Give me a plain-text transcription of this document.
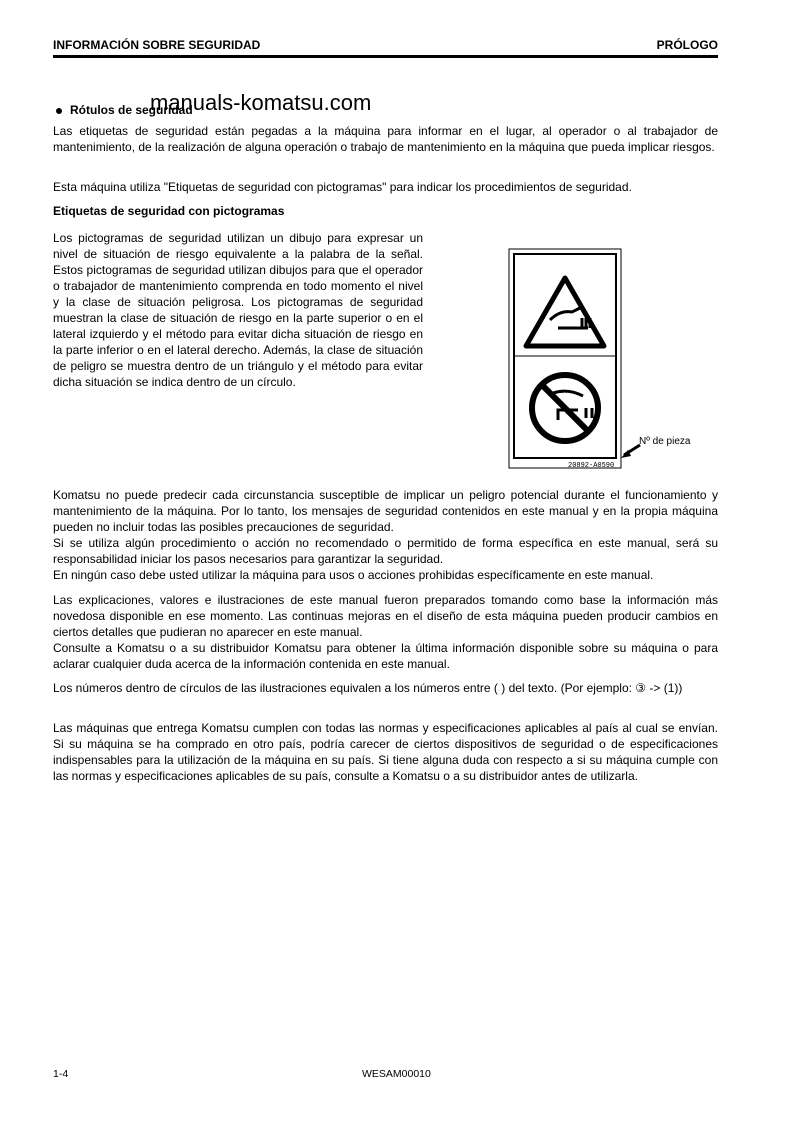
INFORMACIÓN SOBRE SEGURIDAD	PRÓLOGO
Rótulos de seguridad
manuals-komatsu.com

Las etiquetas de seguridad están pegadas a la máquina para informar en el lugar, al operador o al trabajador de mantenimiento, de la realización de alguna operación o trabajo de mantenimiento en la máquina que pueda implicar riesgos.

Esta máquina utiliza "Etiquetas de seguridad con pictogramas" para indicar los procedimientos de seguridad.

Etiquetas de seguridad con pictogramas

Los pictogramas de seguridad utilizan un dibujo para expresar un nivel de situación de riesgo equivalente a la palabra de la señal. Estos pictogramas de seguridad utilizan dibujos para que el operador o trabajador de mantenimiento comprenda en todo momento el nivel y la clase de situación peligrosa. Los pictogramas de seguridad muestran la clase de situación de riesgo en la parte superior o en el lateral izquierdo y el método para evitar dicha situación de riesgo en la parte inferior o en el lateral derecho. Además, la clase de situación de peligro se muestra dentro de un triángulo y el método para evitar dicha situación se indica dentro de un círculo.

20892-A0590
Nº de pieza

Komatsu no puede predecir cada circunstancia susceptible de implicar un peligro potencial durante el funcionamiento y mantenimiento de la máquina. Por lo tanto, los mensajes de seguridad contenidos en este manual y en la propia máquina pueden no incluir todas las posibles precauciones de seguridad.

Si se utiliza algún procedimiento o acción no recomendado o permitido de forma específica en este manual, será su responsabilidad iniciar los pasos necesarios para garantizar la seguridad.

En ningún caso debe usted utilizar la máquina para usos o acciones prohibidas específicamente en este manual.

Las explicaciones, valores e ilustraciones de este manual fueron preparados tomando como base la información más novedosa disponible en ese momento. Las continuas mejoras en el diseño de esta máquina pueden producir cambios en ciertos detalles que pudieran no aparecer en este manual.

Consulte a Komatsu o a su distribuidor Komatsu para obtener la última información disponible sobre su máquina o para aclarar cualquier duda acerca de la información contenida en este manual.

Los números dentro de círculos de las ilustraciones equivalen a los números entre ( ) del texto. (Por ejemplo: ③ -> (1))

Las máquinas que entrega Komatsu cumplen con todas las normas y especificaciones aplicables al país al cual se envían. Si su máquina se ha comprado en otro país, podría carecer de ciertos dispositivos de seguridad o de especificaciones indispensables para la utilización de la máquina en su país. Si tiene alguna duda con respecto a si su máquina cumple con las normas y especificaciones aplicables de su país, consulte a Komatsu o a su distribuidor antes de utilizarla.

1-4	WESAM00010
